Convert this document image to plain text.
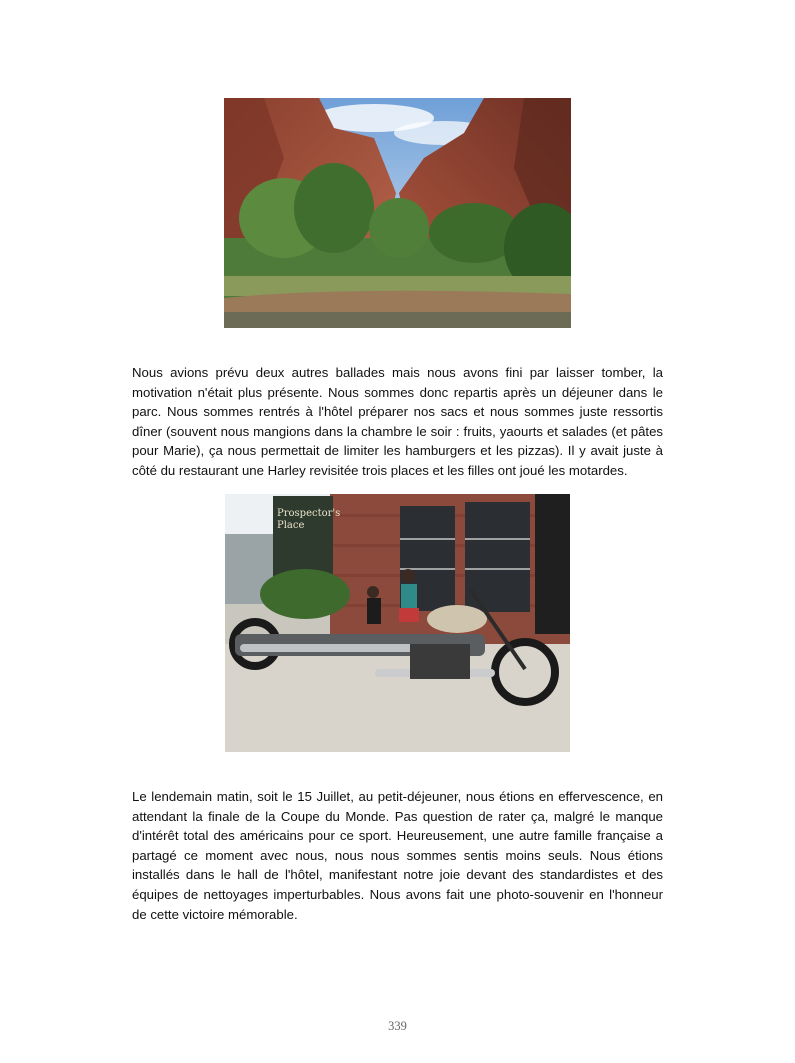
Nous avions prévu deux autres ballades mais nous avons fini par laisser tomber, la motivation n'était plus présente. Nous sommes donc repartis après un déjeuner dans le parc. Nous sommes rentrés à l'hôtel préparer nos sacs et nous sommes juste ressortis dîner (souvent nous mangions dans la chambre le soir : fruits, yaourts et salades (et pâtes pour Marie), ça nous permettait de limiter les hamburgers et les pizzas). Il y avait juste à côté du restaurant une Harley revisitée trois places et les filles ont joué les motardes.

Prospector's
Place

Le lendemain matin, soit le 15 Juillet, au petit-déjeuner, nous étions en effervescence, en attendant la finale de la Coupe du Monde. Pas question de rater ça, malgré le manque d'intérêt total des américains pour ce sport. Heureusement, une autre famille française a partagé ce moment avec nous, nous nous sommes sentis moins seuls. Nous étions installés dans le hall de l'hôtel, manifestant notre joie devant des standardistes et des équipes de nettoyages imperturbables. Nous avons fait une photo-souvenir en l'honneur de cette victoire mémorable.

339
